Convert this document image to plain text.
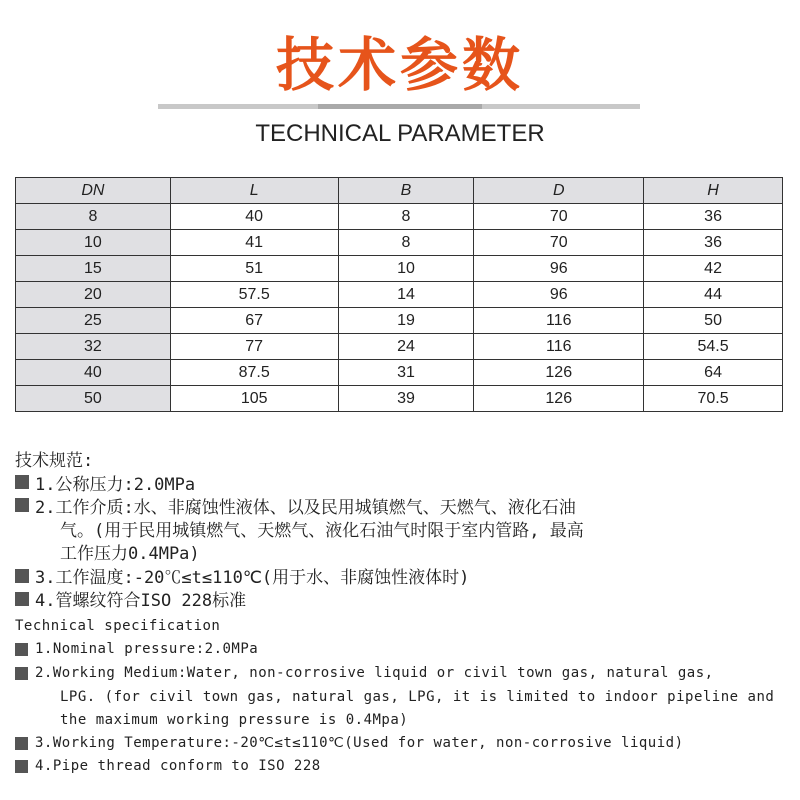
技术参数
TECHNICAL PARAMETER
DN	L	B	D	H
8	40	8	70	36
10	41	8	70	36
15	51	10	96	42
20	57.5	14	96	44
25	67	19	116	50
32	77	24	116	54.5
40	87.5	31	126	64
50	105	39	126	70.5
技术规范:
1.公称压力:2.0MPa
2.工作介质:水、非腐蚀性液体、以及民用城镇燃气、天燃气、液化石油
气。(用于民用城镇燃气、天燃气、液化石油气时限于室内管路, 最高
工作压力0.4MPa)
3.工作温度:-20℃≤t≤110℃(用于水、非腐蚀性液体时)
4.管螺纹符合ISO 228标准
Technical specification
1.Nominal pressure:2.0MPa
2.Working Medium:Water, non-corrosive liquid or civil town gas, natural gas,
LPG. (for civil town gas, natural gas, LPG, it is limited to indoor pipeline and
the maximum working pressure is 0.4Mpa)
3.Working Temperature:-20℃≤t≤110℃(Used for water, non-corrosive liquid)
4.Pipe thread conform to ISO 228
